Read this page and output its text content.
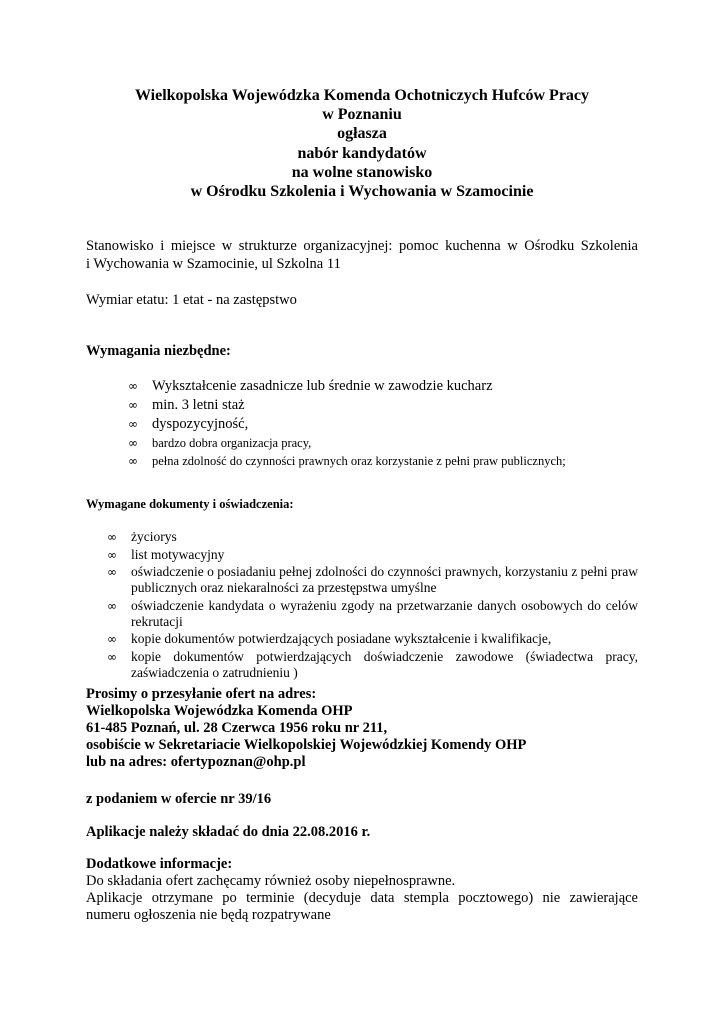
Wielkopolska Wojewódzka Komenda Ochotniczych Hufców Pracy
w Poznaniu
ogłasza
nabór kandydatów
na wolne stanowisko
w Ośrodku Szkolenia i Wychowania w Szamocinie
Stanowisko i miejsce w strukturze organizacyjnej: pomoc kuchenna w Ośrodku Szkolenia
i Wychowania w Szamocinie, ul Szkolna 11
Wymiar etatu: 1 etat - na zastępstwo
Wymagania niezbędne:
∞ Wykształcenie zasadnicze lub średnie w zawodzie kucharz
∞ min. 3 letni staż
∞ dyspozycyjność,
∞ bardzo dobra organizacja pracy,
∞ pełna zdolność do czynności prawnych oraz korzystanie z pełni praw publicznych;
Wymagane dokumenty i oświadczenia:
∞ życiorys
∞ list motywacyjny
∞ oświadczenie o posiadaniu pełnej zdolności do czynności prawnych, korzystaniu z pełni praw publicznych oraz niekaralności za przestępstwa umyślne
∞ oświadczenie kandydata o wyrażeniu zgody na przetwarzanie danych osobowych do celów rekrutacji
∞ kopie dokumentów potwierdzających posiadane wykształcenie i kwalifikacje,
∞ kopie dokumentów potwierdzających doświadczenie zawodowe (świadectwa pracy, zaświadczenia o zatrudnieniu )
Prosimy o przesyłanie ofert na adres:
Wielkopolska Wojewódzka Komenda OHP
61-485 Poznań, ul. 28 Czerwca 1956 roku nr 211,
osobiście w Sekretariacie Wielkopolskiej Wojewódzkiej Komendy OHP
lub na adres: ofertypoznan@ohp.pl
z podaniem w ofercie nr 39/16
Aplikacje należy składać do dnia 22.08.2016 r.
Dodatkowe informacje:
Do składania ofert zachęcamy również osoby niepełnosprawne.
Aplikacje otrzymane po terminie (decyduje data stempla pocztowego) nie zawierające
numeru ogłoszenia nie będą rozpatrywane
